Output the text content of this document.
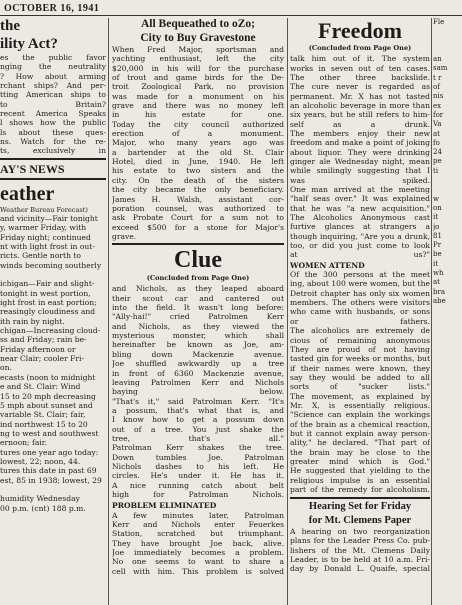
OCTOBER 16, 1941
the
ility Act?
es the public favor
nging the neutrality
? How about arming
rchant ships? And per-
tting American ships to
to Britain?
recent America Speaks
l shows how the public
ls about these ques-
ns. Watch for the re-
ts, exclusively in
AY'S NEWS
eather
Weather Bureau Forecast)
and vicinity—Fair tonight
y, warmer Friday, with
Friday night; continued
nt with light frost in out-
ricts. Gentle north to
winds becoming southerly

ichigan—Fair and slight-
tonight in west portion,
ight frost in east portion;
reasingly cloudiness and
ith rain by night.
chigan—Increasing cloud-
ss and Friday; rain be-
Friday afternoon or
near Clair; cooler Fri-
on.
ecasts (noon to midnight
e and St. Clair: Wind
15 to 20 mph decreasing
5 mph about sunset and
variable St. Clair; fair,
ind northwest 15 to 20
ng to west and southwest
ernoon; fair.
tures one year ago today:
lowest, 22; noon, 44.
tures this date in past 69
est, 85 in 1938; lowest, 29

humidity Wednesday
00 p.m. (cnt) 188 p.m.
All Bequeathed to oZo;
City to Buy Gravestone
When Fred Major, sportsman and
yachting enthusiast, left the city
$20,000 in his will for the purchase
of trout and game birds for the De-
troit Zoological Park, no provision
was made for a monument on his
grave and there was no money left
in his estate for one.
Today the city council authorized
erection of a monument.
Major, who many years ago was
a bartender at the old St. Clair
Hotel, died in June, 1940. He left
his estate to two sisters and the
city. On the death of the sisters
the city became the only beneficiary.
James H. Walsh, assistant cor-
poration counsel, was authorized to
ask Probate Court for a sum not to
exceed $500 for a stone for Major's
grave.
Clue
(Concluded from Page One)
and Nichols, as they leaped aboard
their scout car and cantered out
into the field. It wasn't long before:
"Ally-hai!" cried Patrolmen Kerr
and Nichols, as they viewed the
mysterious monster, which shall
hereinafter be known as Joe, am-
bling down Mackenzie avenue.
Joe shuffled awkwardly up a tree
in front of 6360 Mackenzie avenue,
leaving Patrolmen Kerr and Nichols
baying below.
"That's it," said Patrolman Kerr. "It's
a possum, that's what that is, and
I know how to get a possum down
out of a tree. You just shake the
tree, that's all."
Patrolman Kerr shakes the tree.
Down tumbles Joe. Patrolman
Nichols dashes to his left. He
circles. He's under it. He has it.
A nice running catch about belt
high for Patrolman Nichols.
PROBLEM ELIMINATED
A few minutes later, Patrolman
Kerr and Nichols enter Feuerkes
Station, scratched but triumphant.
They have brought Joe back, alive.
Joe immediately becomes a problem.
No one seems to want to share a
cell with him. This problem is solved
Freedom
(Concluded from Page One)
talk him out of it. The system
works in seven out of ten cases.
The other three backslide.
The cure never is regarded as
permanent. Mr. X has not tasted
an alcoholic beverage in more than
six years, but he still refers to him-
self as a drunk.
The members enjoy their new
freedom and make a point of joking
about liquor. They were drinking
ginger ale Wednesday night, mean
while smilingly suggesting that I
was spiked.
One man arrived at the meeting
"half seas over." It was explained
that he was "a new acquisition."
The Alcoholics Anonymous cast
furtive glances at strangers a
though inquiring, "Are you a drunk,
too, or did you just come to look
at us?"
WOMEN ATTEND
Of the 300 persons at the meet
ing, about 100 were women, but the
Detroit chapter has only six women
members. The others were visitors
who came with husbands, or sons
or fathers.
The alcoholics are extremely de
cious of remaining anonymous
They are proud of not having
tasted gin for weeks or months, but
if their names were known, they
say they would be added to all
sorts of "sucker lists."
The movement, as explained by
Mr. X, is essentially religious.
"Science can explain the workings
of the brain as a chemical reaction,
but it cannot explain away person-
ality," he declared. "That part of
the brain may be close to the
greater mind which is God."
He suggested that yielding to the
religious impulse is an essential
part of the remedy for alcoholism.
Hearing Set for Friday
for Mt. Clemens Paper
A hearing on two reorganization
plans for the Leader Press Co. pub-
lishers of the Mt. Clemens Daily
Leader, is to be held at 10 a.m. Fri-
day by Donald L. Quaife, special
Fle

an
sam
t r
of
nis
ex
for
Va
at
fo
24
pe
ti

w
on
it
jo
81
Pr
be
it
wh
at
bra
abe
